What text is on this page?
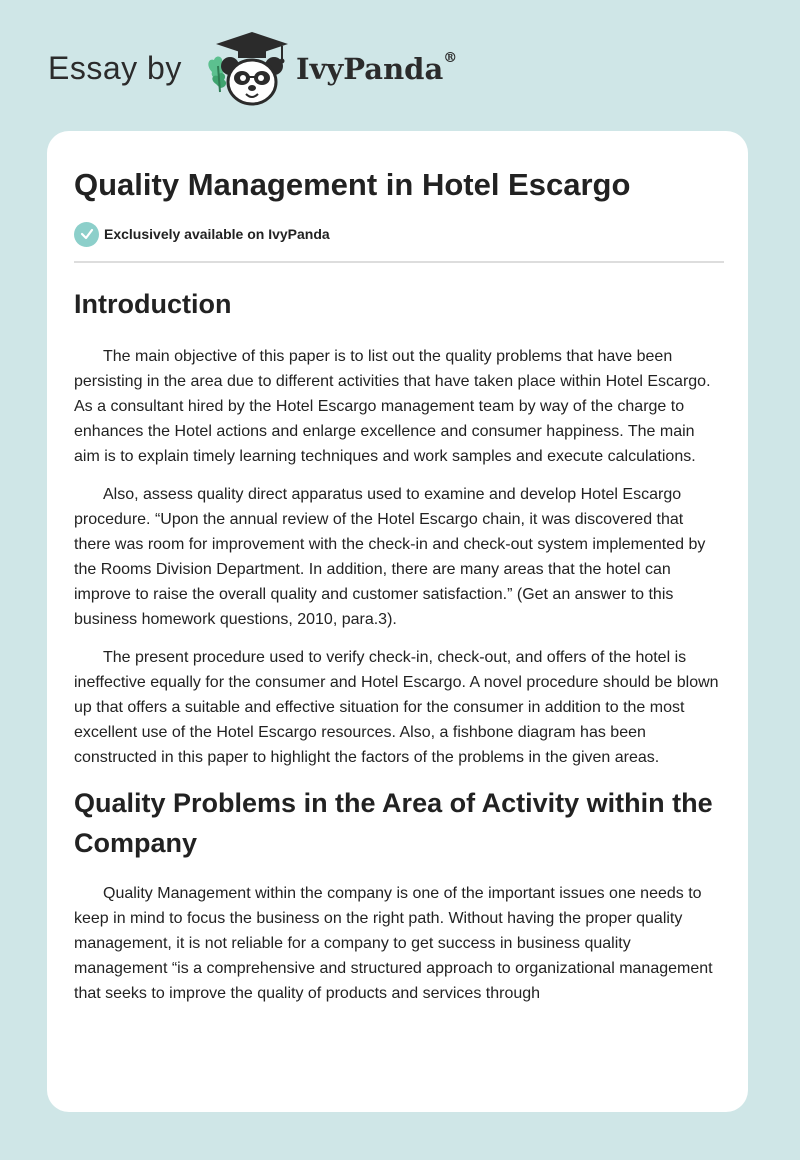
Essay by	IvyPanda®
Quality Management in Hotel Escargo
Exclusively available on IvyPanda
Introduction

The main objective of this paper is to list out the quality problems that have been persisting in the area due to different activities that have taken place within Hotel Escargo. As a consultant hired by the Hotel Escargo management team by way of the charge to enhances the Hotel actions and enlarge excellence and consumer happiness. The main aim is to explain timely learning techniques and work samples and execute calculations.

Also, assess quality direct apparatus used to examine and develop Hotel Escargo procedure. “Upon the annual review of the Hotel Escargo chain, it was discovered that there was room for improvement with the check-in and check-out system implemented by the Rooms Division Department. In addition, there are many areas that the hotel can improve to raise the overall quality and customer satisfaction.” (Get an answer to this business homework questions, 2010, para.3).

The present procedure used to verify check-in, check-out, and offers of the hotel is ineffective equally for the consumer and Hotel Escargo. A novel procedure should be blown up that offers a suitable and effective situation for the consumer in addition to the most excellent use of the Hotel Escargo resources. Also, a fishbone diagram has been constructed in this paper to highlight the factors of the problems in the given areas.

Quality Problems in the Area of Activity within the Company

Quality Management within the company is one of the important issues one needs to keep in mind to focus the business on the right path. Without having the proper quality management, it is not reliable for a company to get success in business quality management “is a comprehensive and structured approach to organizational management that seeks to improve the quality of products and services through
